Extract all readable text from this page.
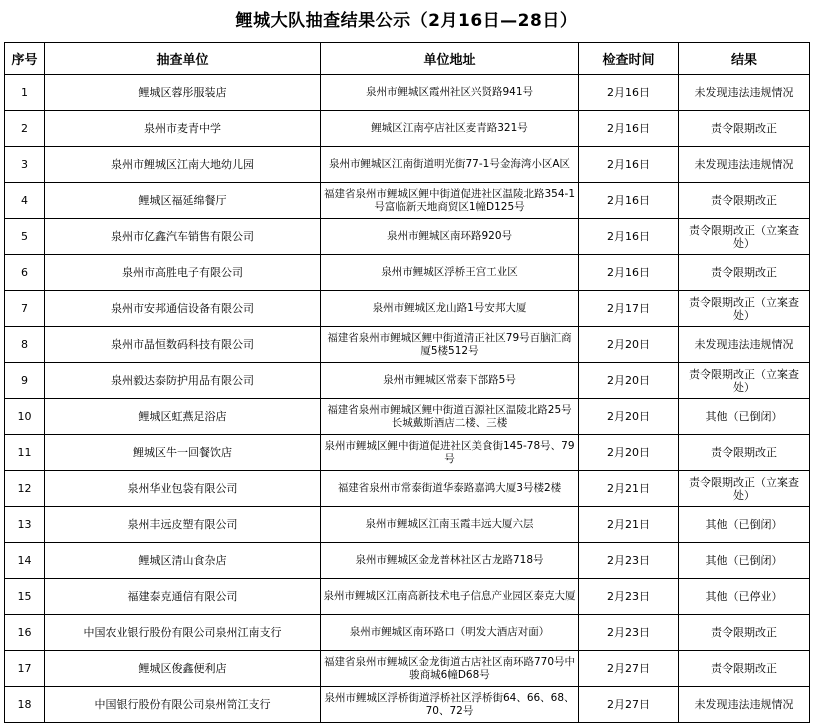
鲤城大队抽查结果公示（2月16日—28日）
序号	抽查单位	单位地址	检查时间	结果
1	鲤城区蓉彤服装店	泉州市鲤城区霞州社区兴贤路941号	2月16日	未发现违法违规情况
2	泉州市麦青中学	鲤城区江南亭店社区麦青路321号	2月16日	责令限期改正
3	泉州市鲤城区江南大地幼儿园	泉州市鲤城区江南街道明光街77-1号金海湾小区A区	2月16日	未发现违法违规情况
4	鲤城区福延绵餐厅	福建省泉州市鲤城区鲤中街道促进社区温陵北路354-1号富临新天地商贸区1幢D125号	2月16日	责令限期改正
5	泉州市亿鑫汽车销售有限公司	泉州市鲤城区南环路920号	2月16日	责令限期改正（立案查处）
6	泉州市高胜电子有限公司	泉州市鲤城区浮桥王宫工业区	2月16日	责令限期改正
7	泉州市安邦通信设备有限公司	泉州市鲤城区龙山路1号安邦大厦	2月17日	责令限期改正（立案查处）
8	泉州市晶恒数码科技有限公司	福建省泉州市鲤城区鲤中街道清正社区79号百脑汇商厦5楼512号	2月20日	未发现违法违规情况
9	泉州毅达泰防护用品有限公司	泉州市鲤城区常泰下部路5号	2月20日	责令限期改正（立案查处）
10	鲤城区虹燕足浴店	福建省泉州市鲤城区鲤中街道百源社区温陵北路25号长城戴斯酒店二楼、三楼	2月20日	其他（已倒闭）
11	鲤城区牛一回餐饮店	泉州市鲤城区鲤中街道促进社区美食街145-78号、79号	2月20日	责令限期改正
12	泉州华业包袋有限公司	福建省泉州市常泰街道华泰路嘉鸿大厦3号楼2楼	2月21日	责令限期改正（立案查处）
13	泉州丰远皮塑有限公司	泉州市鲤城区江南玉霞丰远大厦六层	2月21日	其他（已倒闭）
14	鲤城区清山食杂店	泉州市鲤城区金龙普林社区古龙路718号	2月23日	其他（已倒闭）
15	福建泰克通信有限公司	泉州市鲤城区江南高新技术电子信息产业园区泰克大厦	2月23日	其他（已停业）
16	中国农业银行股份有限公司泉州江南支行	泉州市鲤城区南环路口（明发大酒店对面）	2月23日	责令限期改正
17	鲤城区俊鑫便利店	福建省泉州市鲤城区金龙街道古店社区南环路770号中骏商城6幢D68号	2月27日	责令限期改正
18	中国银行股份有限公司泉州笥江支行	泉州市鲤城区浮桥街道浮桥社区浮桥街64、66、68、70、72号	2月27日	未发现违法违规情况
